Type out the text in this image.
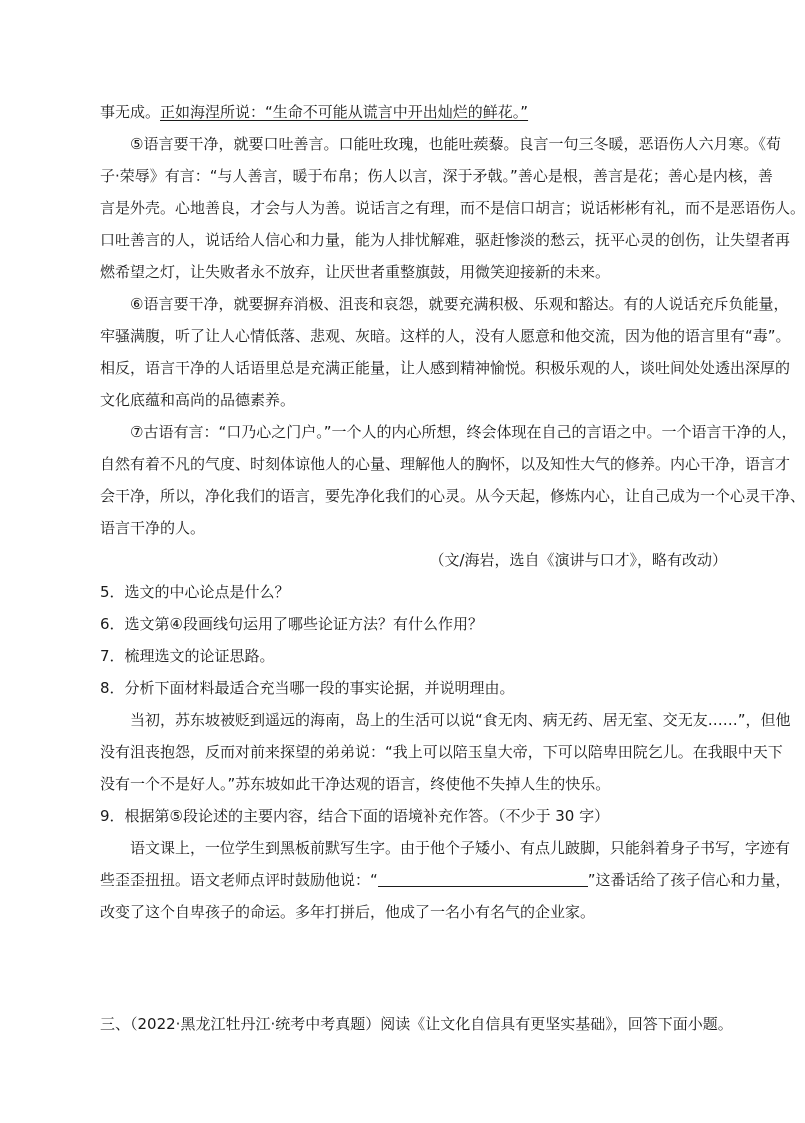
事无成。正如海涅所说：“生命不可能从谎言中开出灿烂的鲜花。”
⑤语言要干净，就要口吐善言。口能吐玫瑰，也能吐蒺藜。良言一句三冬暖，恶语伤人六月寒。《荀
子·荣辱》有言：“与人善言，暖于布帛；伤人以言，深于矛戟。”善心是根，善言是花；善心是内核，善
言是外壳。心地善良，才会与人为善。说话言之有理，而不是信口胡言；说话彬彬有礼，而不是恶语伤人。
口吐善言的人，说话给人信心和力量，能为人排忧解难，驱赶惨淡的愁云，抚平心灵的创伤，让失望者再
燃希望之灯，让失败者永不放弃，让厌世者重整旗鼓，用微笑迎接新的未来。
⑥语言要干净，就要摒弃消极、沮丧和哀怨，就要充满积极、乐观和豁达。有的人说话充斥负能量，
牢骚满腹，听了让人心情低落、悲观、灰暗。这样的人，没有人愿意和他交流，因为他的语言里有“毒”。
相反，语言干净的人话语里总是充满正能量，让人感到精神愉悦。积极乐观的人，谈吐间处处透出深厚的
文化底蕴和高尚的品德素养。
⑦古语有言：“口乃心之门户。”一个人的内心所想，终会体现在自己的言语之中。一个语言干净的人，
自然有着不凡的气度、时刻体谅他人的心量、理解他人的胸怀，以及知性大气的修养。内心干净，语言才
会干净，所以，净化我们的语言，要先净化我们的心灵。从今天起，修炼内心，让自己成为一个心灵干净、
语言干净的人。
（文/海岩，选自《演讲与口才》，略有改动）
5．选文的中心论点是什么？
6．选文第④段画线句运用了哪些论证方法？有什么作用？
7．梳理选文的论证思路。
8．分析下面材料最适合充当哪一段的事实论据，并说明理由。
当初，苏东坡被贬到遥远的海南，岛上的生活可以说“食无肉、病无药、居无室、交无友……”，但他
没有沮丧抱怨，反而对前来探望的弟弟说：“我上可以陪玉皇大帝，下可以陪卑田院乞儿。在我眼中天下
没有一个不是好人。”苏东坡如此干净达观的语言，终使他不失掉人生的快乐。
9．根据第⑤段论述的主要内容，结合下面的语境补充作答。（不少于 30 字）
语文课上，一位学生到黑板前默写生字。由于他个子矮小、有点儿跛脚，只能斜着身子书写，字迹有
些歪歪扭扭。语文老师点评时鼓励他说：“	”这番话给了孩子信心和力量，
改变了这个自卑孩子的命运。多年打拼后，他成了一名小有名气的企业家。
三、（2022·黑龙江牡丹江·统考中考真题）阅读《让文化自信具有更坚实基础》，回答下面小题。
